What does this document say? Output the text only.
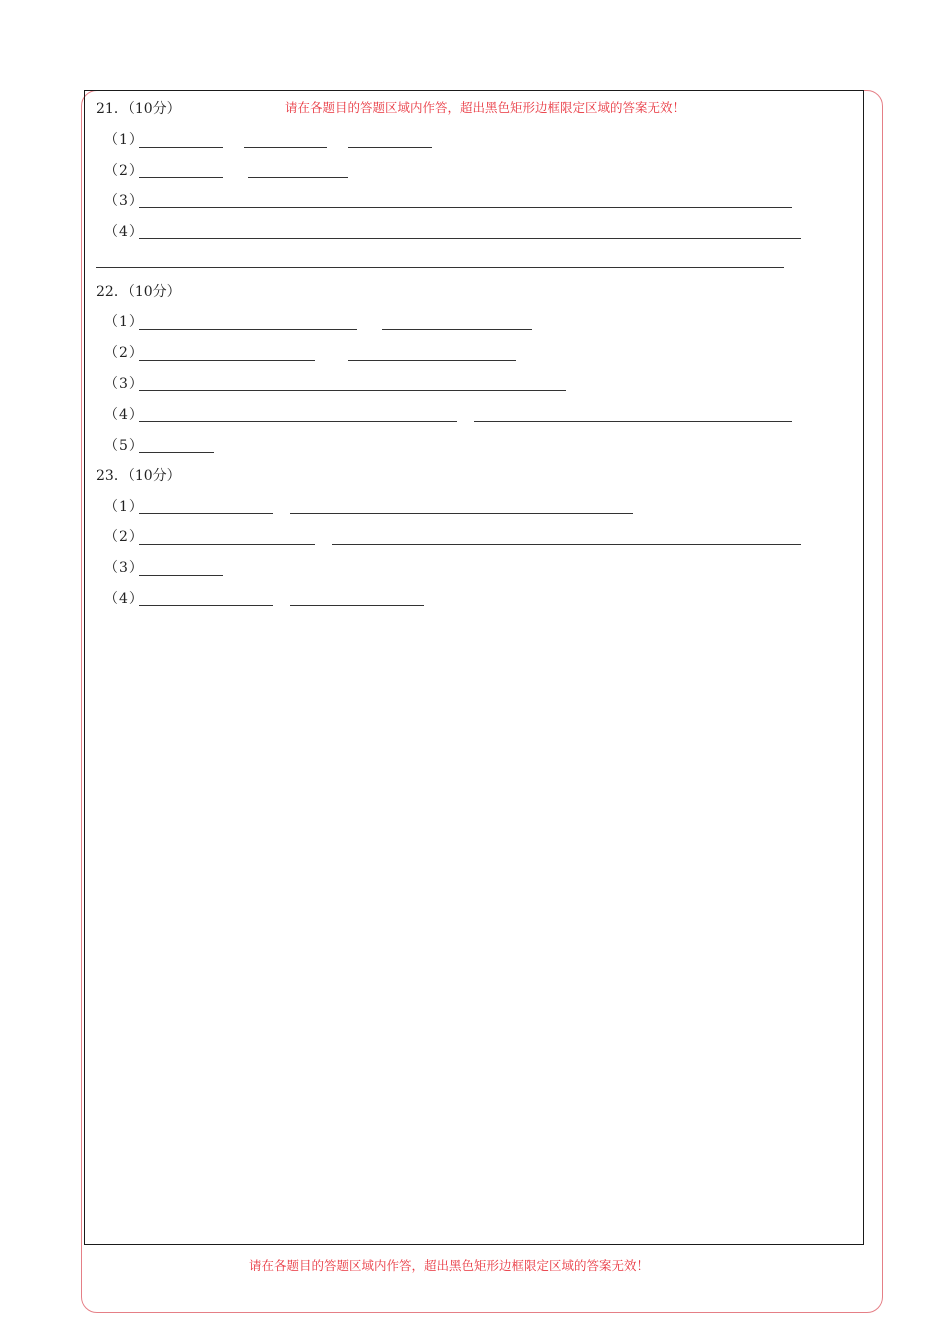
请在各题目的答题区域内作答，超出黑色矩形边框限定区域的答案无效！
请在各题目的答题区域内作答，超出黑色矩形边框限定区域的答案无效！
21．（10分）
（1）
（2）
（3）
（4）
22．（10分）
（1）
（2）
（3）
（4）
（5）
23．（10分）
（1）
（2）
（3）
（4）
